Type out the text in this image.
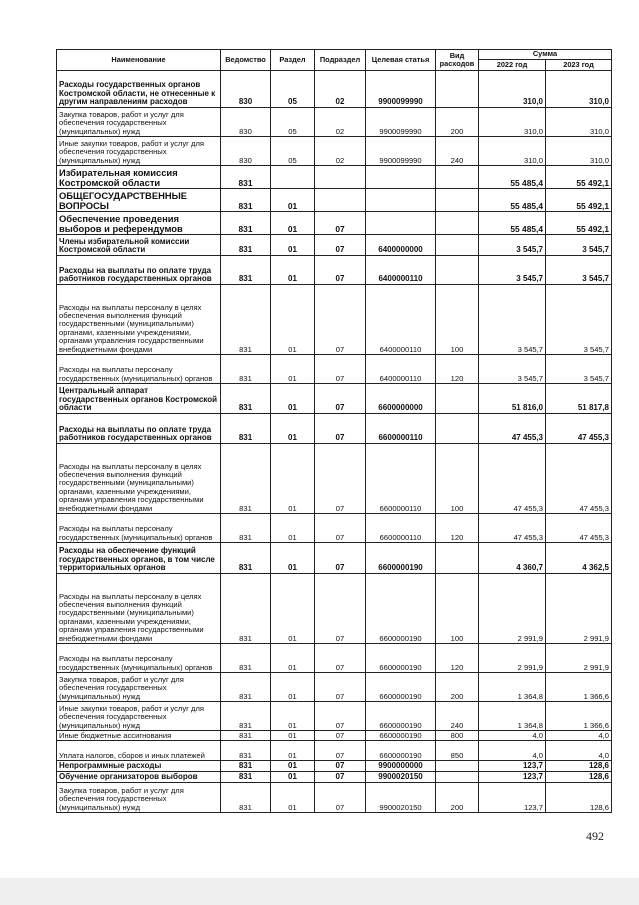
Наименование	Ведомство	Раздел	Подраздел	Целевая статья	Вид расходов	Сумма	
						2022 год	2023 год
Расходы государственных органов Костромской области, не отнесенные к другим направлениям расходов	830	05	02	9900099990		310,0	310,0
Закупка товаров, работ и услуг для обеспечения государственных (муниципальных) нужд	830	05	02	9900099990	200	310,0	310,0
Иные закупки товаров, работ и услуг для обеспечения государственных (муниципальных) нужд	830	05	02	9900099990	240	310,0	310,0
Избирательная комиссия Костромской области	831					55 485,4	55 492,1
ОБЩЕГОСУДАРСТВЕННЫЕ ВОПРОСЫ	831	01				55 485,4	55 492,1
Обеспечение проведения выборов и референдумов	831	01	07			55 485,4	55 492,1
Члены избирательной комиссии Костромской области	831	01	07	6400000000		3 545,7	3 545,7
Расходы на выплаты по оплате труда работников государственных органов	831	01	07	6400000110		3 545,7	3 545,7
Расходы на выплаты персоналу в целях обеспечения выполнения функций государственными (муниципальными) органами, казенными учреждениями, органами управления государственными внебюджетными фондами	831	01	07	6400000110	100	3 545,7	3 545,7
Расходы на выплаты персоналу государственных (муниципальных) органов	831	01	07	6400000110	120	3 545,7	3 545,7
Центральный аппарат государственных органов Костромской области	831	01	07	6600000000		51 816,0	51 817,8
Расходы на выплаты по оплате труда работников государственных органов	831	01	07	6600000110		47 455,3	47 455,3
Расходы на выплаты персоналу в целях обеспечения выполнения функций государственными (муниципальными) органами, казенными учреждениями, органами управления государственными внебюджетными фондами	831	01	07	6600000110	100	47 455,3	47 455,3
Расходы на выплаты персоналу государственных (муниципальных) органов	831	01	07	6600000110	120	47 455,3	47 455,3
Расходы на обеспечение функций государственных органов, в том числе территориальных органов	831	01	07	6600000190		4 360,7	4 362,5
Расходы на выплаты персоналу в целях обеспечения выполнения функций государственными (муниципальными) органами, казенными учреждениями, органами управления государственными внебюджетными фондами	831	01	07	6600000190	100	2 991,9	2 991,9
Расходы на выплаты персоналу государственных (муниципальных) органов	831	01	07	6600000190	120	2 991,9	2 991,9
Закупка товаров, работ и услуг для обеспечения государственных (муниципальных) нужд	831	01	07	6600000190	200	1 364,8	1 366,6
Иные закупки товаров, работ и услуг для обеспечения государственных (муниципальных) нужд	831	01	07	6600000190	240	1 364,8	1 366,6
Иные бюджетные ассигнования	831	01	07	6600000190	800	4,0	4,0
Уплата налогов, сборов и иных платежей	831	01	07	6600000190	850	4,0	4,0
Непрограммные расходы	831	01	07	9900000000		123,7	128,6
Обучение организаторов выборов	831	01	07	9900020150		123,7	128,6
Закупка товаров, работ и услуг для обеспечения государственных (муниципальных) нужд	831	01	07	9900020150	200	123,7	128,6
492
